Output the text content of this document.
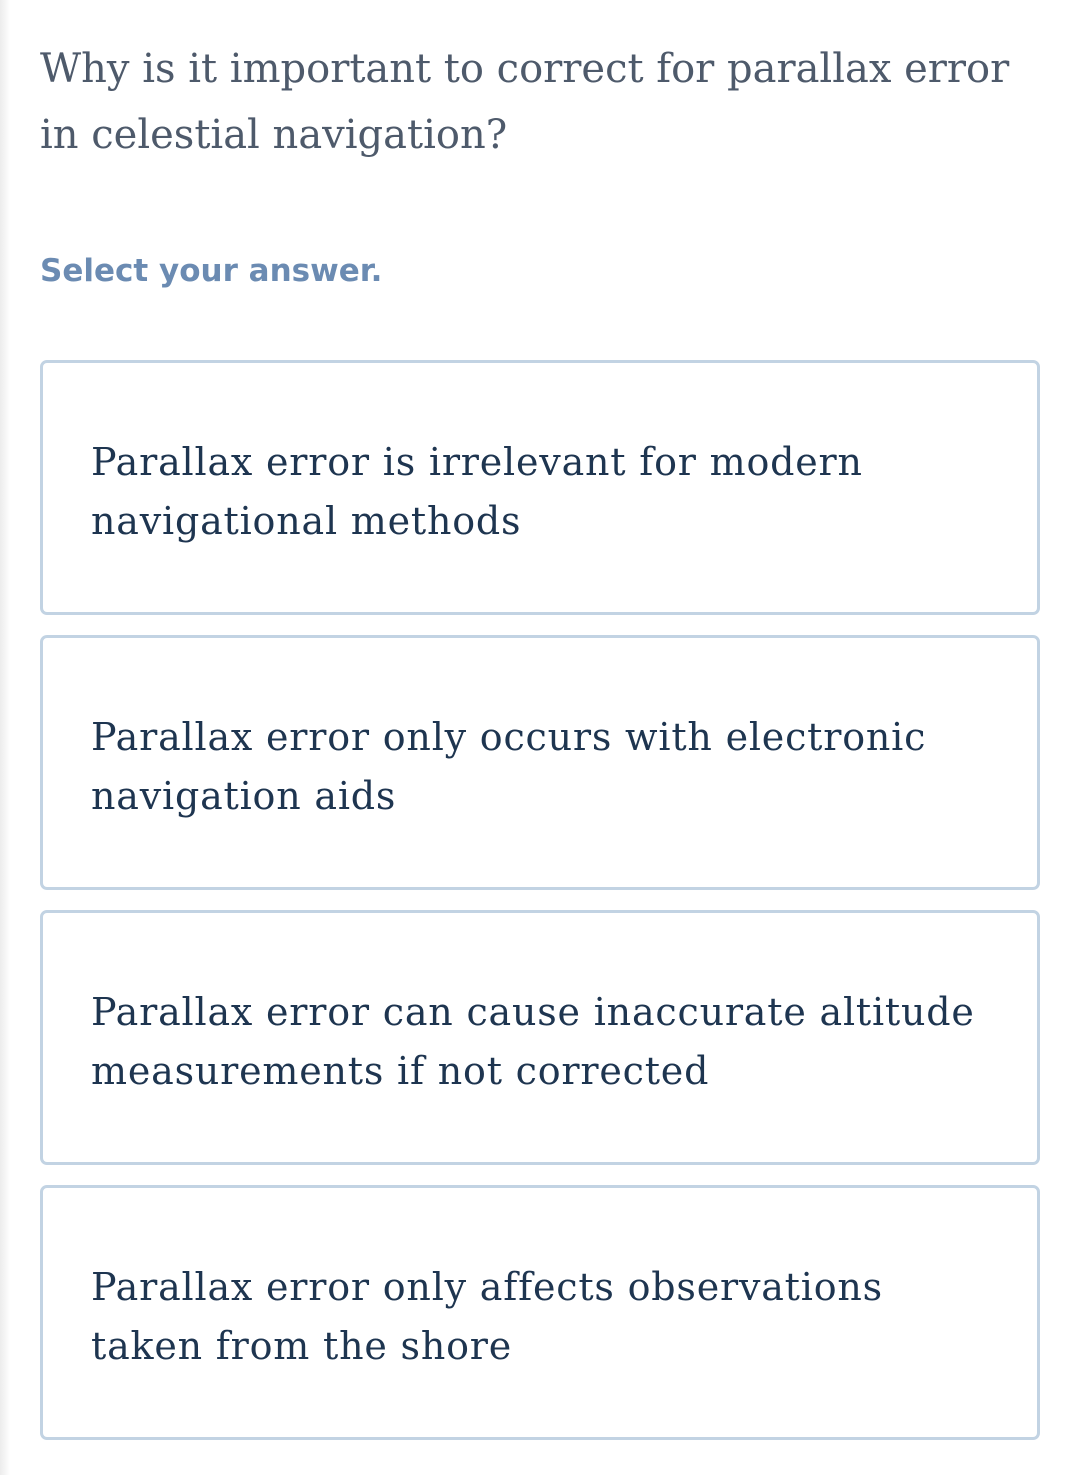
Why is it important to correct for parallax error in celestial navigation?

Select your answer.

Parallax error is irrelevant for modern navigational methods
Parallax error only occurs with electronic navigation aids
Parallax error can cause inaccurate altitude measurements if not corrected
Parallax error only affects observations taken from the shore
